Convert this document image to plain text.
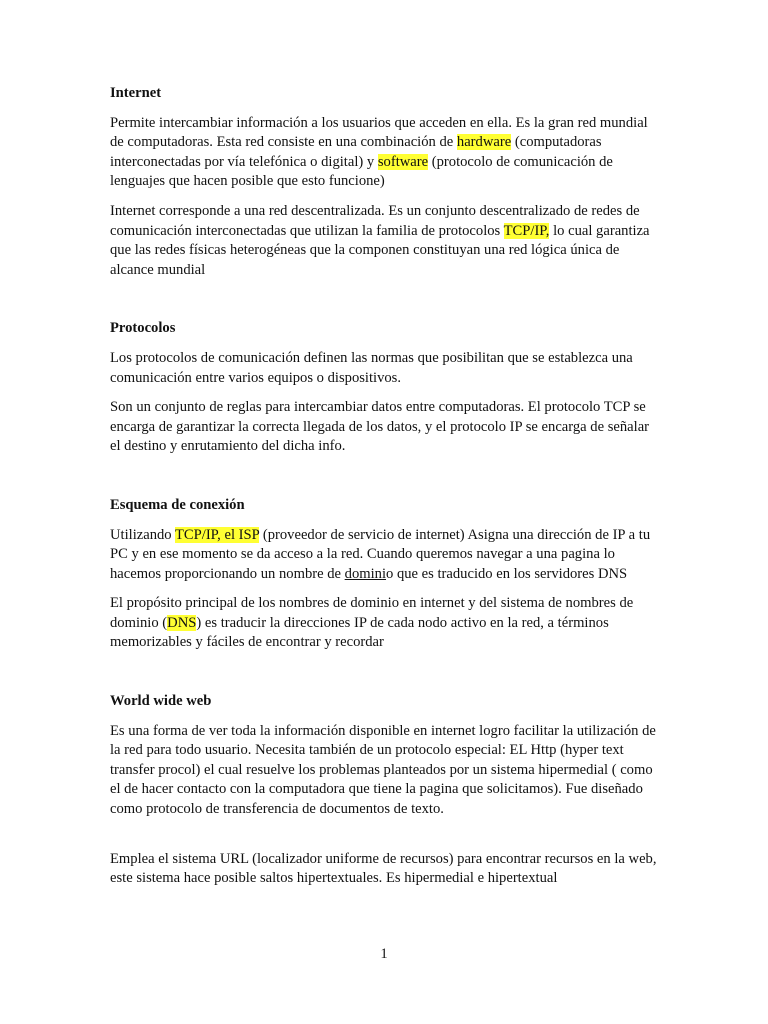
Internet

Permite intercambiar información a los usuarios que acceden en ella. Es la gran red mundial de computadoras. Esta red consiste en una combinación de hardware (computadoras interconectadas por vía telefónica o digital) y software (protocolo de comunicación de lenguajes que hacen posible que esto funcione)

Internet corresponde a una red descentralizada. Es un conjunto descentralizado de redes de comunicación interconectadas que utilizan la familia de protocolos TCP/IP, lo cual garantiza que las redes físicas heterogéneas que la componen constituyan una red lógica única de alcance mundial

Protocolos

Los protocolos de comunicación definen las normas que posibilitan que se establezca una comunicación entre varios equipos o dispositivos.

Son un conjunto de reglas para intercambiar datos entre computadoras. El protocolo TCP se encarga de garantizar la correcta llegada de los datos, y el protocolo IP se encarga de señalar el destino y enrutamiento del dicha info.

Esquema de conexión

Utilizando TCP/IP, el ISP (proveedor de servicio de internet) Asigna una dirección de IP a tu PC y en ese momento se da acceso a la red. Cuando queremos navegar a una pagina lo hacemos proporcionando un nombre de dominio que es traducido en los servidores DNS

El propósito principal de los nombres de dominio en internet y del sistema de nombres de dominio (DNS) es traducir la direcciones IP de cada nodo activo en la red, a términos memorizables y fáciles de encontrar y recordar

World wide web

Es una forma de ver toda la información disponible en internet logro facilitar la utilización de la red para todo usuario. Necesita también de un protocolo especial: EL Http (hyper text transfer procol) el cual resuelve los problemas planteados por un sistema hipermedial ( como el de hacer contacto con la computadora que tiene la pagina que solicitamos). Fue diseñado como protocolo de transferencia de documentos de texto.

Emplea el sistema URL (localizador uniforme de recursos) para encontrar recursos en la web, este sistema hace posible saltos hipertextuales. Es hipermedial e hipertextual

1
